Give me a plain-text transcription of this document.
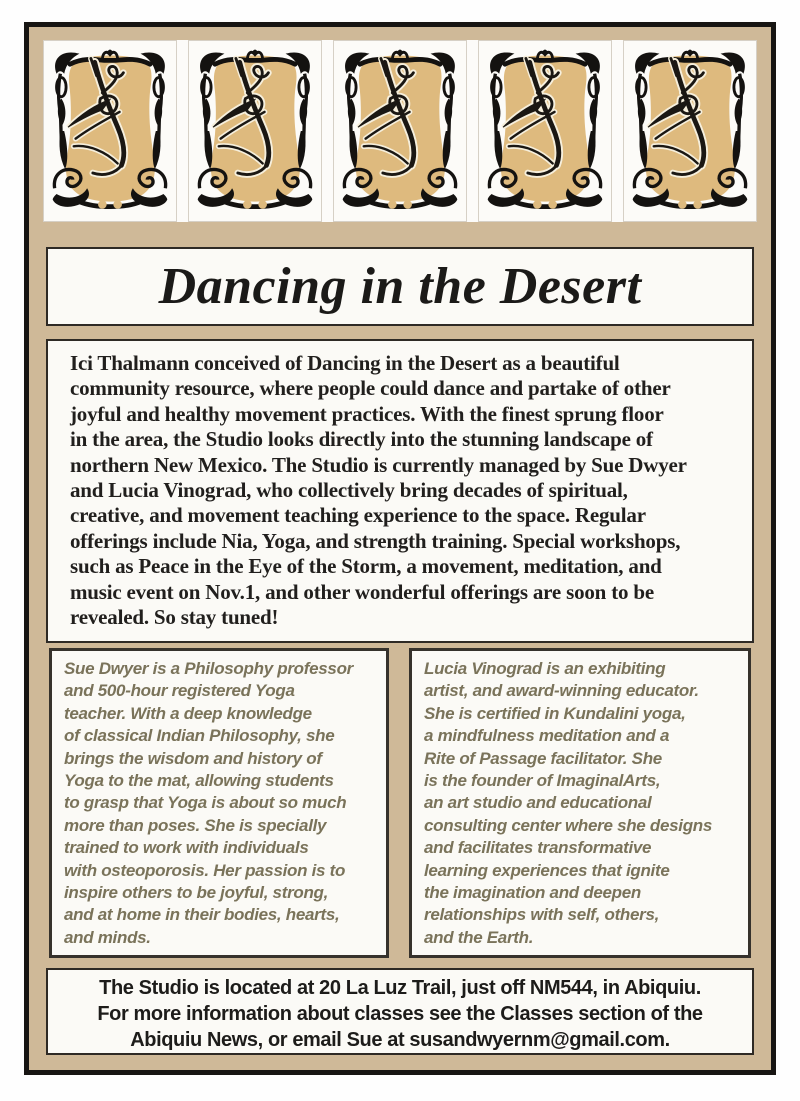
Dancing in the Desert
Ici Thalmann conceived of Dancing in the Desert as a beautiful
community resource, where people could dance and partake of other
joyful and healthy movement practices. With the finest sprung floor
in the area, the Studio looks directly into the stunning landscape of
northern New Mexico. The Studio is currently managed by Sue Dwyer
and Lucia Vinograd, who collectively bring decades of spiritual,
creative, and movement teaching experience to the space. Regular
offerings include Nia, Yoga, and strength training. Special workshops,
such as Peace in the Eye of the Storm, a movement, meditation, and
music event on Nov.1, and other wonderful offerings are soon to be
revealed. So stay tuned!
Sue Dwyer is a Philosophy professor
and 500-hour registered Yoga
teacher. With a deep knowledge
of classical Indian Philosophy, she
brings the wisdom and history of
Yoga to the mat, allowing students
to grasp that Yoga is about so much
more than poses. She is specially
trained to work with individuals
with osteoporosis. Her passion is to
inspire others to be joyful, strong,
and at home in their bodies, hearts,
and minds.
Lucia Vinograd is an exhibiting
artist, and award-winning educator.
She is certified in Kundalini yoga,
a mindfulness meditation and a
Rite of Passage facilitator. She
is the founder of ImaginalArts,
an art studio and educational
consulting center where she designs
and facilitates transformative
learning experiences that ignite
the imagination and deepen
relationships with self, others,
and the Earth.
The Studio is located at 20 La Luz Trail, just off NM544, in Abiquiu.
For more information about classes see the Classes section of the
Abiquiu News, or email Sue at susandwyernm@gmail.com.
